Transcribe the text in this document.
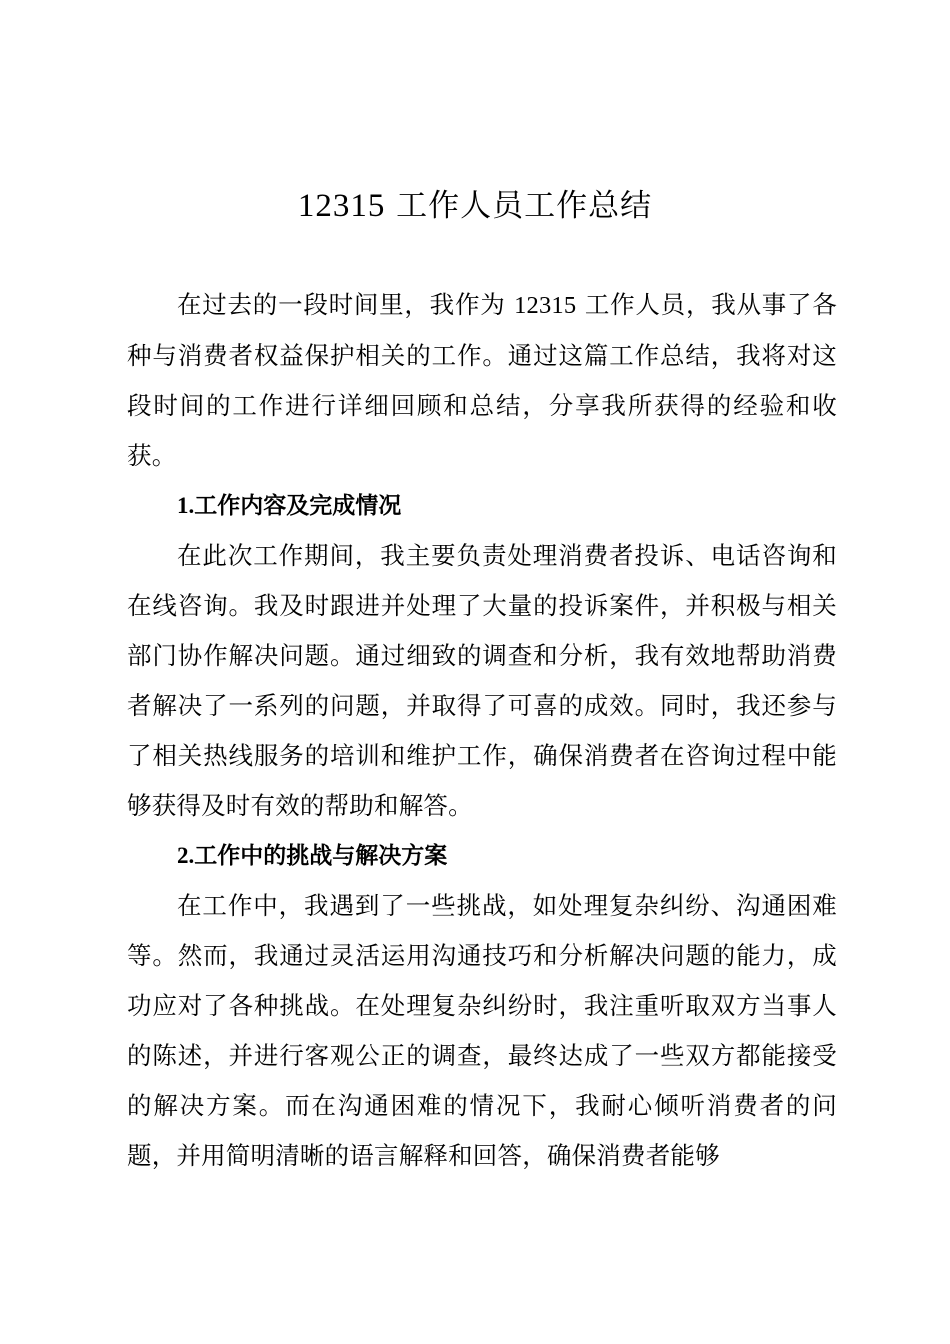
12315 工作人员工作总结

在过去的一段时间里，我作为 12315 工作人员，我从事了各种与消费者权益保护相关的工作。通过这篇工作总结，我将对这段时间的工作进行详细回顾和总结，分享我所获得的经验和收获。

1.工作内容及完成情况

在此次工作期间，我主要负责处理消费者投诉、电话咨询和在线咨询。我及时跟进并处理了大量的投诉案件，并积极与相关部门协作解决问题。通过细致的调查和分析，我有效地帮助消费者解决了一系列的问题，并取得了可喜的成效。同时，我还参与了相关热线服务的培训和维护工作，确保消费者在咨询过程中能够获得及时有效的帮助和解答。

2.工作中的挑战与解决方案

在工作中，我遇到了一些挑战，如处理复杂纠纷、沟通困难等。然而，我通过灵活运用沟通技巧和分析解决问题的能力，成功应对了各种挑战。在处理复杂纠纷时，我注重听取双方当事人的陈述，并进行客观公正的调查，最终达成了一些双方都能接受的解决方案。而在沟通困难的情况下，我耐心倾听消费者的问题，并用简明清晰的语言解释和回答，确保消费者能够
